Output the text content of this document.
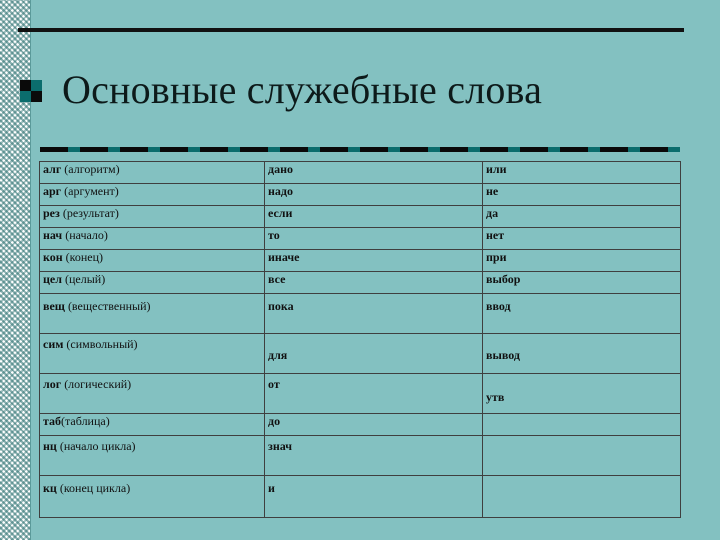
Основные служебные слова
алг (алгоритм)	дано	или
арг (аргумент)	надо	не
рез (результат)	если	да
нач (начало)	то	нет
кон (конец)	иначе	при
цел (целый)	все	выбор
вещ (вещественный)	пока	ввод
сим (символьный)	для	вывод
лог (логический)	от	утв
таб(таблица)	до	
нц (начало цикла)	знач	
кц (конец цикла)	и	
